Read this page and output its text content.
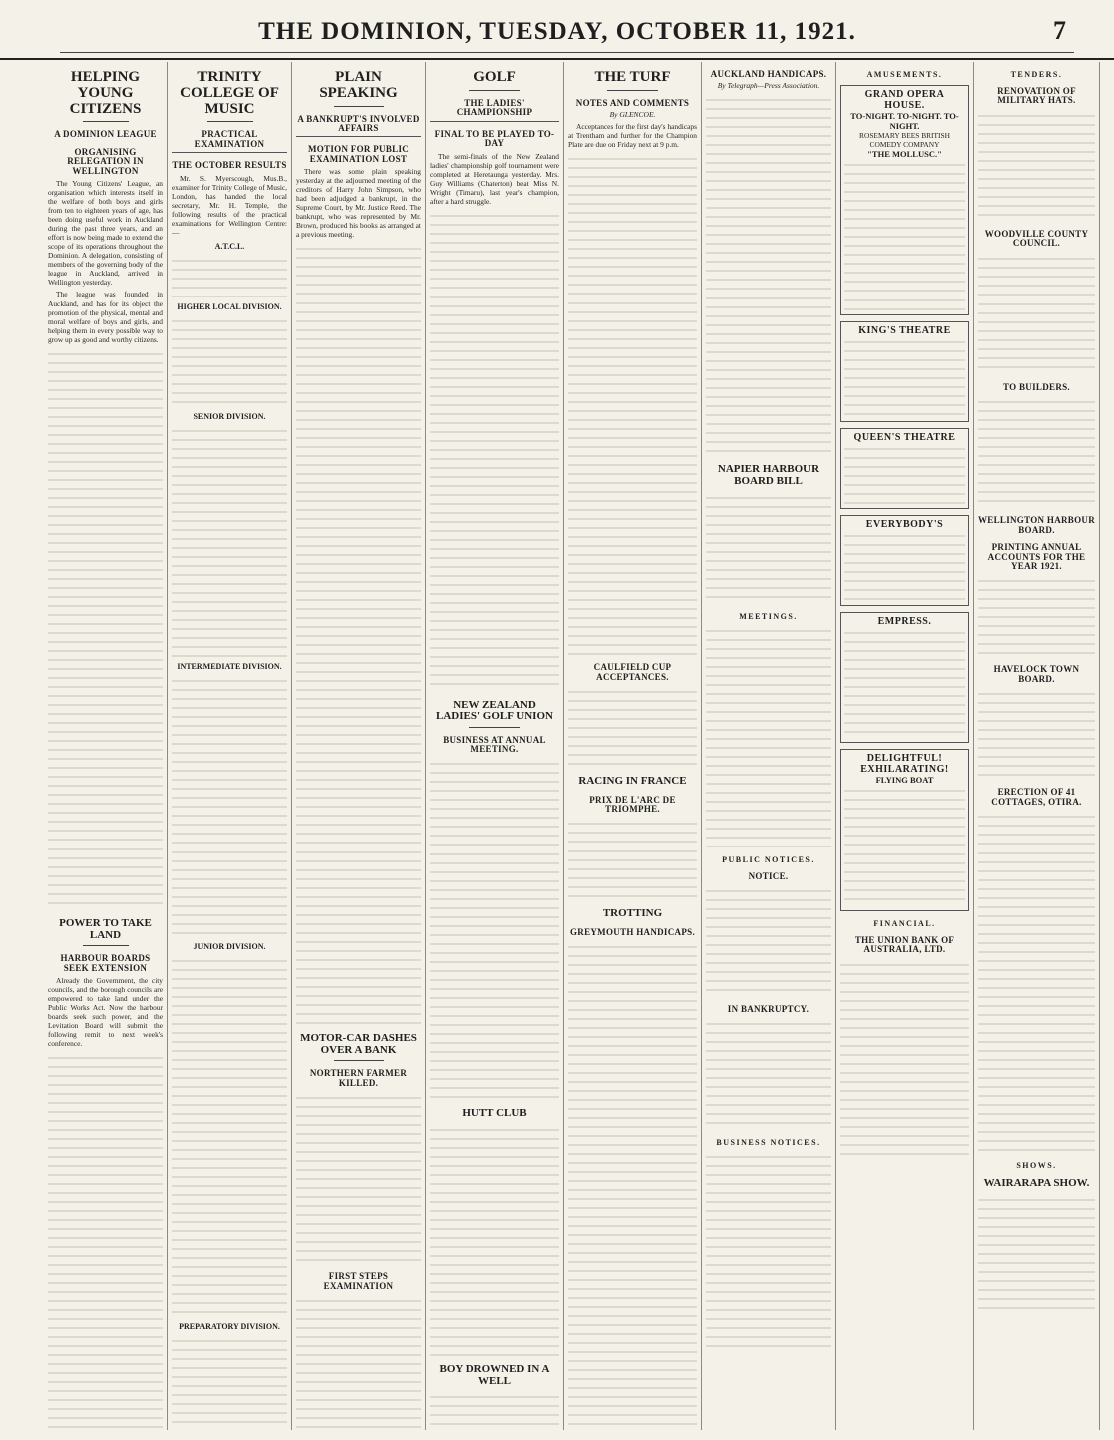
THE DOMINION, TUESDAY, OCTOBER 11, 1921.	7
HELPING YOUNG CITIZENS
A DOMINION LEAGUE
ORGANISING RELEGATION IN WELLINGTON

The Young Citizens' League, an organisation which interests itself in the welfare of both boys and girls from ten to eighteen years of age, has been doing useful work in Auckland during the past three years, and an effort is now being made to extend the scope of its operations throughout the Dominion. A delegation, consisting of members of the governing body of the league in Auckland, arrived in Wellington yesterday.

The league was founded in Auckland, and has for its object the promotion of the physical, mental and moral welfare of boys and girls, and helping them in every possible way to grow up as good and worthy citizens.

POWER TO TAKE LAND
HARBOUR BOARDS SEEK EXTENSION

Already the Government, the city councils, and the borough councils are empowered to take land under the Public Works Act. Now the harbour boards seek such power, and the Levitation Board will submit the following remit to next week's conference.

TRINITY COLLEGE OF MUSIC
PRACTICAL EXAMINATION
THE OCTOBER RESULTS

Mr. S. Myerscough, Mus.B., examiner for Trinity College of Music, London, has handed the local secretary, Mr. H. Temple, the following results of the practical examinations for Wellington Centre:—

A.T.C.L.
HIGHER LOCAL DIVISION.
SENIOR DIVISION.
INTERMEDIATE DIVISION.
JUNIOR DIVISION.
PREPARATORY DIVISION.
PLAIN SPEAKING
A BANKRUPT'S INVOLVED AFFAIRS
MOTION FOR PUBLIC EXAMINATION LOST

There was some plain speaking yesterday at the adjourned meeting of the creditors of Harry John Simpson, who had been adjudged a bankrupt, in the Supreme Court, by Mr. Justice Reed. The bankrupt, who was represented by Mr. Brown, produced his books as arranged at a previous meeting.

MOTOR-CAR DASHES OVER A BANK
NORTHERN FARMER KILLED.
FIRST STEPS EXAMINATION
GOLF
THE LADIES' CHAMPIONSHIP
FINAL TO BE PLAYED TO-DAY

The semi-finals of the New Zealand ladies' championship golf tournament were completed at Heretaunga yesterday. Mrs. Guy Williams (Chaterton) beat Miss N. Wright (Timaru), last year's champion, after a hard struggle.

NEW ZEALAND LADIES' GOLF UNION
BUSINESS AT ANNUAL MEETING.
HUTT CLUB
BOY DROWNED IN A WELL
THE TURF
NOTES AND COMMENTS
By GLENCOE.

Acceptances for the first day's handicaps at Trentham and further for the Champion Plate are due on Friday next at 9 p.m.

CAULFIELD CUP ACCEPTANCES.
RACING IN FRANCE
PRIX DE L'ARC DE TRIOMPHE.
TROTTING
GREYMOUTH HANDICAPS.
AUCKLAND HANDICAPS.
By Telegraph—Press Association.
NAPIER HARBOUR BOARD BILL
MEETINGS.
PUBLIC NOTICES.
NOTICE.
IN BANKRUPTCY.
BUSINESS NOTICES.
AMUSEMENTS.
GRAND OPERA HOUSE.
TO-NIGHT. TO-NIGHT. TO-NIGHT.
ROSEMARY BEES BRITISH COMEDY COMPANY
"THE MOLLUSC."
KING'S THEATRE
QUEEN'S THEATRE
EVERYBODY'S
EMPRESS.
DELIGHTFUL! EXHILARATING!
FLYING BOAT
FINANCIAL.
THE UNION BANK OF AUSTRALIA, LTD.
TENDERS.
RENOVATION OF MILITARY HATS.
WOODVILLE COUNTY COUNCIL.
TO BUILDERS.
WELLINGTON HARBOUR BOARD.
PRINTING ANNUAL ACCOUNTS FOR THE YEAR 1921.
HAVELOCK TOWN BOARD.
ERECTION OF 41 COTTAGES, OTIRA.
SHOWS.
WAIRARAPA SHOW.
